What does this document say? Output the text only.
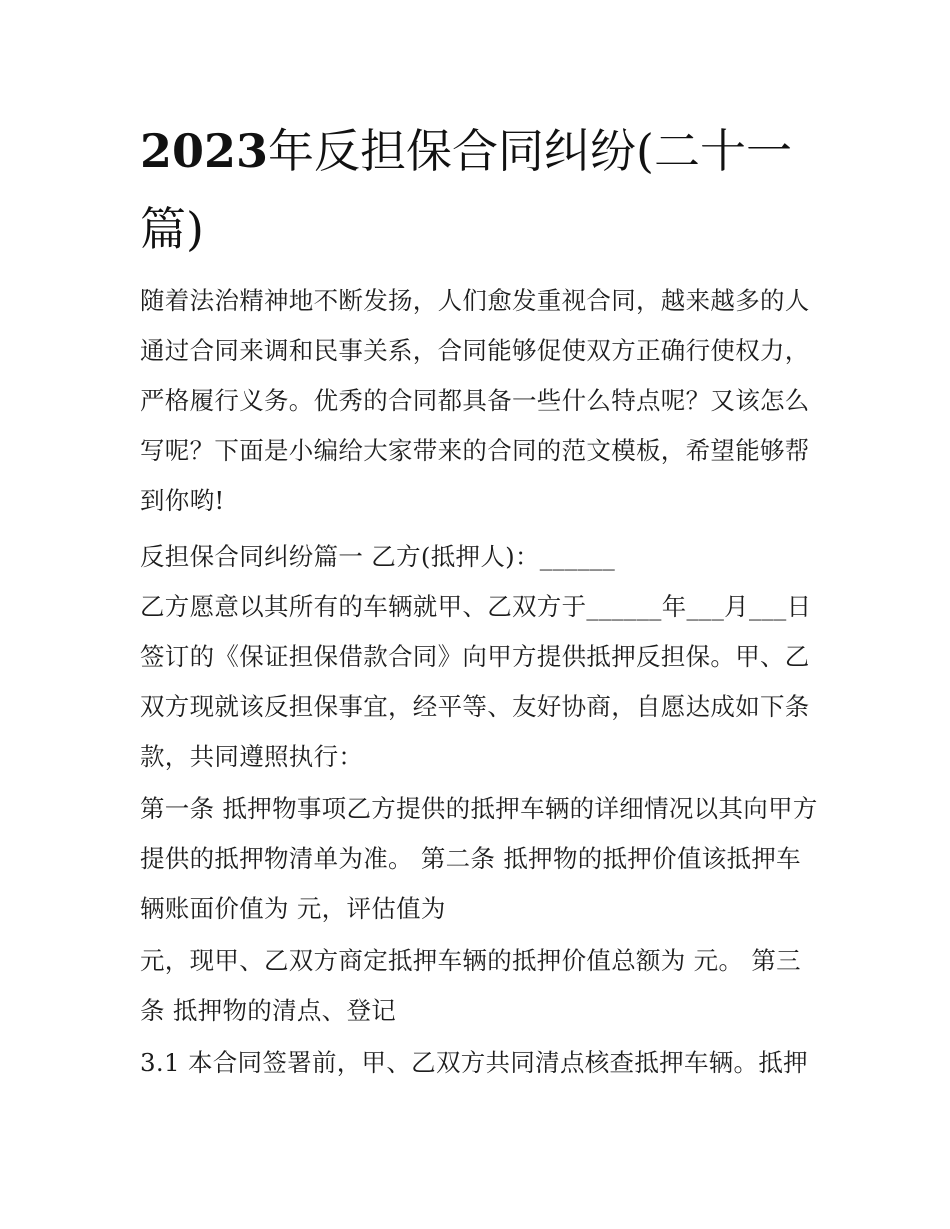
2023年反担保合同纠纷(二十一篇)

随着法治精神地不断发扬，人们愈发重视合同，越来越多的人通过合同来调和民事关系，合同能够促使双方正确行使权力，严格履行义务。优秀的合同都具备一些什么特点呢？又该怎么写呢？下面是小编给大家带来的合同的范文模板，希望能够帮到你哟!

反担保合同纠纷篇一 乙方(抵押人)：______

乙方愿意以其所有的车辆就甲、乙双方于______年___月___日签订的《保证担保借款合同》向甲方提供抵押反担保。甲、乙双方现就该反担保事宜，经平等、友好协商，自愿达成如下条款，共同遵照执行：

第一条 抵押物事项乙方提供的抵押车辆的详细情况以其向甲方提供的抵押物清单为准。 第二条 抵押物的抵押价值该抵押车辆账面价值为 元，评估值为

元，现甲、乙双方商定抵押车辆的抵押价值总额为 元。 第三条 抵押物的清点、登记

3.1 本合同签署前，甲、乙双方共同清点核查抵押车辆。抵押
